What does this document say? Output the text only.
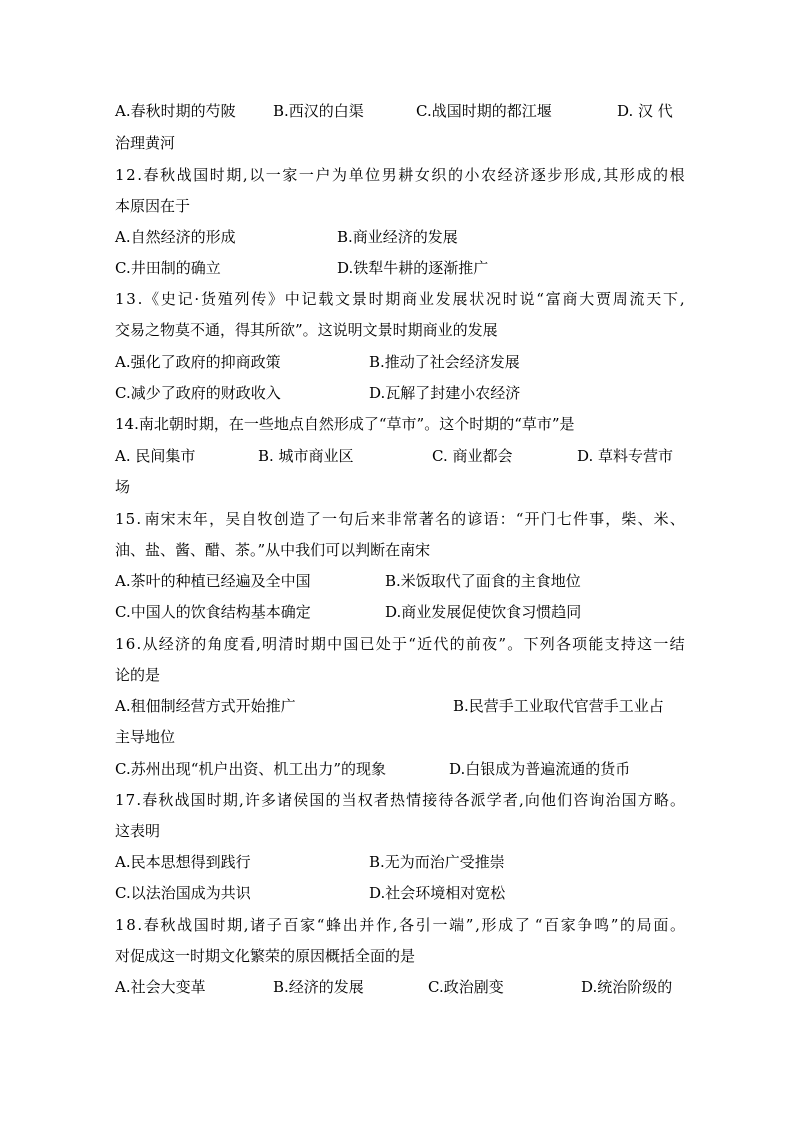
A.春秋时期的芍陂 B.西汉的白渠	C.战国时期的都江堰	D. 汉 代
治理黄河
1 2 . 春 秋 战 国 时 期 , 以 一 家 一 户 为 单 位 男 耕 女 织 的 小 农 经 济 逐 步 形 成 , 其 形 成 的 根
本原因在于
A.自然经济的形成	B.商业经济的发展
C.井田制的确立	D.铁犁牛耕的逐渐推广
1 3 . 《 史 记 · 货 殖 列 传 》 中 记 载 文 景 时 期 商 业 发 展 状 况 时 说 “ 富 商 大 贾 周 流 天 下 ,
交易之物莫不通，得其所欲”。这说明文景时期商业的发展
A.强化了政府的抑商政策	B.推动了社会经济发展
C.减少了政府的财政收入	D.瓦解了封建小农经济
14.南北朝时期，在一些地点自然形成了“草市”。这个时期的“草市”是
A. 民间集市	B. 城市商业区	C. 商业都会	D. 草料专营市
场
1 5 . 南 宋 末 年 ， 吴 自 牧 创 造 了 一 句 后 来 非 常 著 名 的 谚 语 ： “ 开 门 七 件 事 ， 柴 、 米 、
油、盐、酱、醋、茶。”从中我们可以判断在南宋
A.茶叶的种植已经遍及全中国	B.米饭取代了面食的主食地位
C.中国人的饮食结构基本确定	D.商业发展促使饮食习惯趋同
1 6 . 从 经 济 的 角 度 看 , 明 清 时 期 中 国 已 处 于 “ 近 代 的 前 夜 ” 。 下 列 各 项 能 支 持 这 一 结
论的是
A.租佃制经营方式开始推广	B.民营手工业取代官营手工业占
主导地位
C.苏州出现“机户出资、机工出力”的现象	D.白银成为普遍流通的货币
1 7 . 春 秋 战 国 时 期 , 许 多 诸 侯 国 的 当 权 者 热 情 接 待 各 派 学 者 , 向 他 们 咨 询 治 国 方 略 。
这表明
A.民本思想得到践行	B.无为而治广受推崇
C.以法治国成为共识	D.社会环境相对宽松
1 8 . 春 秋 战 国 时 期 , 诸 子 百 家 “ 蜂 出 并 作 , 各 引 一 端 ” , 形 成 了 “ 百 家 争 鸣 ” 的 局 面 。
对促成这一时期文化繁荣的原因概括全面的是
A.社会大变革	B.经济的发展	C.政治剧变	D.统治阶级的
